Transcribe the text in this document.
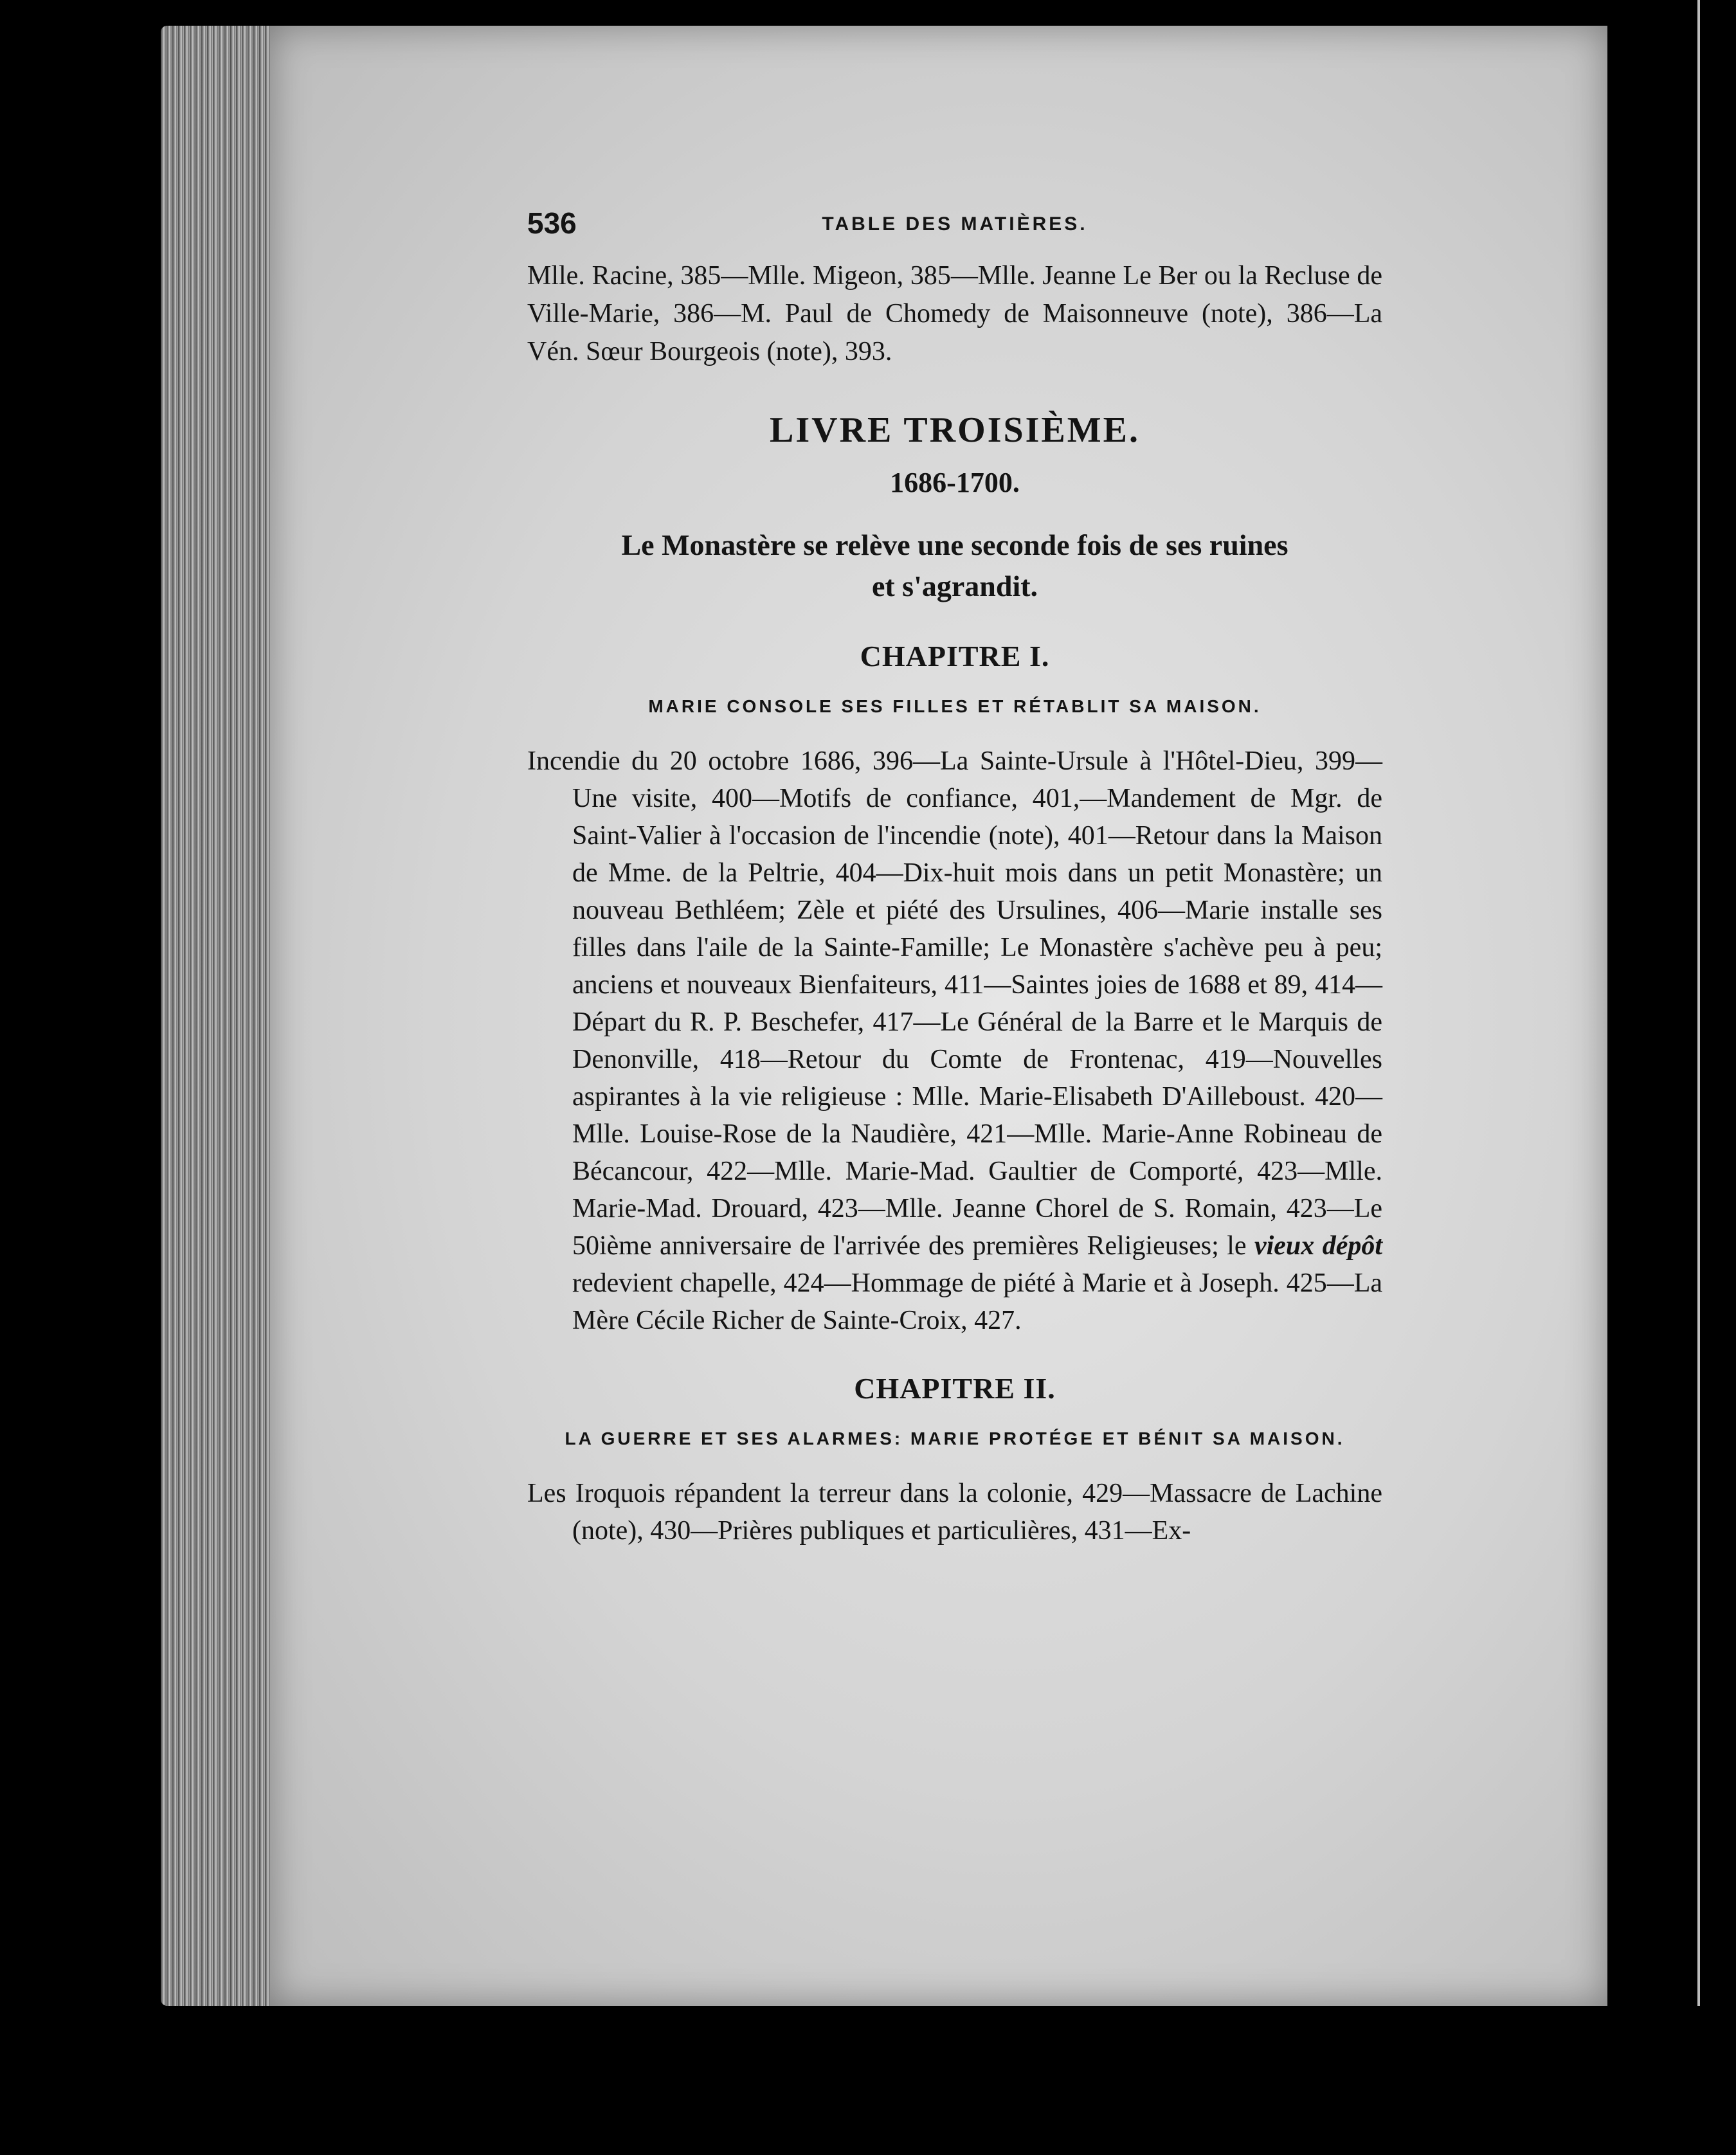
536	TABLE DES MATIÈRES.

Mlle. Racine, 385—Mlle. Migeon, 385—Mlle. Jeanne Le Ber ou la Recluse de Ville-Marie, 386—M. Paul de Chomedy de Maisonneuve (note), 386—La Vén. Sœur Bourgeois (note), 393.

LIVRE TROISIÈME.
1686-1700.
Le Monastère se relève une seconde fois de ses ruines
et s'agrandit.
CHAPITRE I.
MARIE CONSOLE SES FILLES ET RÉTABLIT SA MAISON.

Incendie du 20 octobre 1686, 396—La Sainte-Ursule à l'Hôtel-Dieu, 399—Une visite, 400—Motifs de confiance, 401,—Mandement de Mgr. de Saint-Valier à l'occasion de l'incendie (note), 401—Retour dans la Maison de Mme. de la Peltrie, 404—Dix-huit mois dans un petit Monastère; un nouveau Bethléem; Zèle et piété des Ursulines, 406—Marie installe ses filles dans l'aile de la Sainte-Famille; Le Monastère s'achève peu à peu; anciens et nouveaux Bienfaiteurs, 411—Saintes joies de 1688 et 89, 414—Départ du R. P. Beschefer, 417—Le Général de la Barre et le Marquis de Denonville, 418—Retour du Comte de Frontenac, 419—Nouvelles aspirantes à la vie religieuse : Mlle. Marie-Elisabeth D'Ailleboust. 420—Mlle. Louise-Rose de la Naudière, 421—Mlle. Marie-Anne Robineau de Bécancour, 422—Mlle. Marie-Mad. Gaultier de Comporté, 423—Mlle. Marie-Mad. Drouard, 423—Mlle. Jeanne Chorel de S. Romain, 423—Le 50ième anniversaire de l'arrivée des premières Religieuses; le vieux dépôt redevient chapelle, 424—Hommage de piété à Marie et à Joseph. 425—La Mère Cécile Richer de Sainte-Croix, 427.

CHAPITRE II.
LA GUERRE ET SES ALARMES: MARIE PROTÉGE ET BÉNIT SA MAISON.

Les Iroquois répandent la terreur dans la colonie, 429—Massacre de Lachine (note), 430—Prières publiques et particulières, 431—Ex-
